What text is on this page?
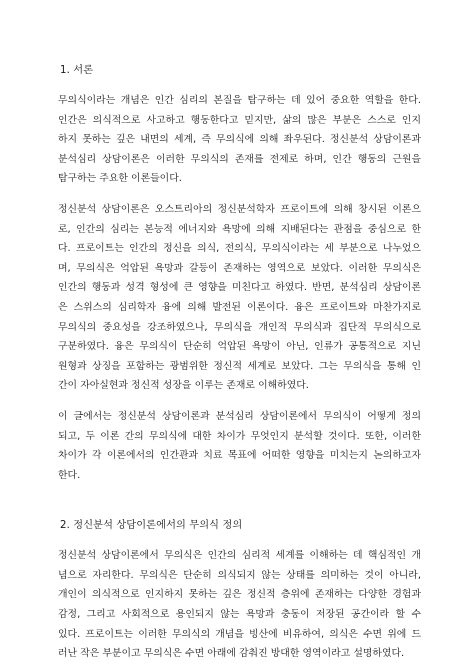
1. 서론
무의식이라는 개념은 인간 심리의 본질을 탐구하는 데 있어 중요한 역할을 한다.
인간은 의식적으로 사고하고 행동한다고 믿지만, 삶의 많은 부분은 스스로 인지
하지 못하는 깊은 내면의 세계, 즉 무의식에 의해 좌우된다. 정신분석 상담이론과
분석심리 상담이론은 이러한 무의식의 존재를 전제로 하며, 인간 행동의 근원을
탐구하는 주요한 이론들이다.
정신분석 상담이론은 오스트리아의 정신분석학자 프로이트에 의해 창시된 이론으
로, 인간의 심리는 본능적 에너지와 욕망에 의해 지배된다는 관점을 중심으로 한
다. 프로이트는 인간의 정신을 의식, 전의식, 무의식이라는 세 부분으로 나누었으
며, 무의식은 억압된 욕망과 갈등이 존재하는 영역으로 보았다. 이러한 무의식은
인간의 행동과 성격 형성에 큰 영향을 미친다고 하였다. 반면, 분석심리 상담이론
은 스위스의 심리학자 융에 의해 발전된 이론이다. 융은 프로이트와 마찬가지로
무의식의 중요성을 강조하였으나, 무의식을 개인적 무의식과 집단적 무의식으로
구분하였다. 융은 무의식이 단순히 억압된 욕망이 아닌, 인류가 공통적으로 지닌
원형과 상징을 포함하는 광범위한 정신적 세계로 보았다. 그는 무의식을 통해 인
간이 자아실현과 정신적 성장을 이루는 존재로 이해하였다.
이 글에서는 정신분석 상담이론과 분석심리 상담이론에서 무의식이 어떻게 정의
되고, 두 이론 간의 무의식에 대한 차이가 무엇인지 분석할 것이다. 또한, 이러한
차이가 각 이론에서의 인간관과 치료 목표에 어떠한 영향을 미치는지 논의하고자
한다.
2. 정신분석 상담이론에서의 무의식 정의
정신분석 상담이론에서 무의식은 인간의 심리적 세계를 이해하는 데 핵심적인 개
념으로 자리한다. 무의식은 단순히 의식되지 않는 상태를 의미하는 것이 아니라,
개인이 의식적으로 인지하지 못하는 깊은 정신적 층위에 존재하는 다양한 경험과
감정, 그리고 사회적으로 용인되지 않는 욕망과 충동이 저장된 공간이라 할 수
있다. 프로이트는 이러한 무의식의 개념을 빙산에 비유하여, 의식은 수면 위에 드
러난 작은 부분이고 무의식은 수면 아래에 감춰진 방대한 영역이라고 설명하였다.
